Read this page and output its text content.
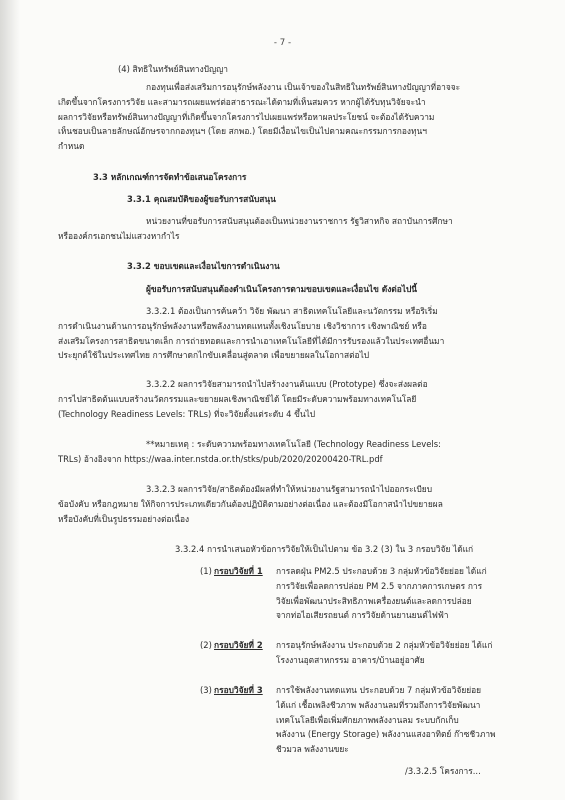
- 7 -
(4) สิทธิในทรัพย์สินทางปัญญา
กองทุนเพื่อส่งเสริมการอนุรักษ์พลังงาน เป็นเจ้าของในสิทธิในทรัพย์สินทางปัญญาที่อาจจะ
เกิดขึ้นจากโครงการวิจัย และสามารถเผยแพร่ต่อสาธารณะได้ตามที่เห็นสมควร หากผู้ได้รับทุนวิจัยจะนำ
ผลการวิจัยหรือทรัพย์สินทางปัญญาที่เกิดขึ้นจากโครงการไปเผยแพร่หรือหาผลประโยชน์ จะต้องได้รับความ
เห็นชอบเป็นลายลักษณ์อักษรจากกองทุนฯ (โดย สกพอ.) โดยมีเงื่อนไขเป็นไปตามคณะกรรมการกองทุนฯ
กำหนด
3.3 หลักเกณฑ์การจัดทำข้อเสนอโครงการ
3.3.1 คุณสมบัติของผู้ขอรับการสนับสนุน
หน่วยงานที่ขอรับการสนับสนุนต้องเป็นหน่วยงานราชการ รัฐวิสาหกิจ สถาบันการศึกษา
หรือองค์กรเอกชนไม่แสวงหากำไร
3.3.2 ขอบเขตและเงื่อนไขการดำเนินงาน
ผู้ขอรับการสนับสนุนต้องดำเนินโครงการตามขอบเขตและเงื่อนไข ดังต่อไปนี้
3.3.2.1 ต้องเป็นการค้นคว้า วิจัย พัฒนา สาธิตเทคโนโลยีและนวัตกรรม หรือริเริ่ม
การดำเนินงานด้านการอนุรักษ์พลังงานหรือพลังงานทดแทนทั้งเชิงนโยบาย เชิงวิชาการ เชิงพาณิชย์ หรือ
ส่งเสริมโครงการสาธิตขนาดเล็ก การถ่ายทอดและการนำเอาเทคโนโลยีที่ได้มีการรับรองแล้วในประเทศอื่นมา
ประยุกต์ใช้ในประเทศไทย การศึกษาดกไกขับเคลื่อนสู่ตลาด เพื่อขยายผลในโอกาสต่อไป
3.3.2.2 ผลการวิจัยสามารถนำไปสร้างงานต้นแบบ (Prototype) ซึ่งจะส่งผลต่อ
การไปสาธิตต้นแบบสร้างนวัตกรรมและขยายผลเชิงพาณิชย์ได้ โดยมีระดับความพร้อมทางเทคโนโลยี
(Technology Readiness Levels: TRLs) ที่จะวิจัยตั้งแต่ระดับ 4 ขึ้นไป
**หมายเหตุ : ระดับความพร้อมทางเทคโนโลยี (Technology Readiness Levels:
TRLs) อ้างอิงจาก https://waa.inter.nstda.or.th/stks/pub/2020/20200420-TRL.pdf
3.3.2.3 ผลการวิจัย/สาธิตต้องมีผลที่ทำให้หน่วยงานรัฐสามารถนำไปออกระเบียบ
ข้อบังคับ หรือกฎหมาย ให้กิจการประเภทเดียวกันต้องปฏิบัติตามอย่างต่อเนื่อง และต้องมีโอกาสนำไปขยายผล
หรือบังคับที่เป็นรูปธรรมอย่างต่อเนื่อง
3.3.2.4 การนำเสนอหัวข้อการวิจัยให้เป็นไปตาม ข้อ 3.2 (3) ใน 3 กรอบวิจัย ได้แก่
(1) กรอบวิจัยที่ 1	การลดฝุ่น PM2.5 ประกอบด้วย 3 กลุ่มหัวข้อวิจัยย่อย ได้แก่
การวิจัยเพื่อลดการปล่อย PM 2.5 จากภาคการเกษตร การ
วิจัยเพื่อพัฒนาประสิทธิภาพเครื่องยนต์และลดการปล่อย
จากท่อไอเสียรถยนต์ การวิจัยด้านยานยนต์ไฟฟ้า
(2) กรอบวิจัยที่ 2	การอนุรักษ์พลังงาน ประกอบด้วย 2 กลุ่มหัวข้อวิจัยย่อย ได้แก่
โรงงานอุตสาหกรรม อาคาร/บ้านอยู่อาศัย
(3) กรอบวิจัยที่ 3	การใช้พลังงานทดแทน ประกอบด้วย 7 กลุ่มหัวข้อวิจัยย่อย
ได้แก่ เชื้อเพลิงชีวภาพ พลังงานลมที่รวมถึงการวิจัยพัฒนา
เทคโนโลยีเพื่อเพิ่มศักยภาพพลังงานลม ระบบกักเก็บ
พลังงาน (Energy Storage) พลังงานแสงอาทิตย์ ก๊าซชีวภาพ
ชีวมวล พลังงานขยะ
/3.3.2.5 โครงการ...
